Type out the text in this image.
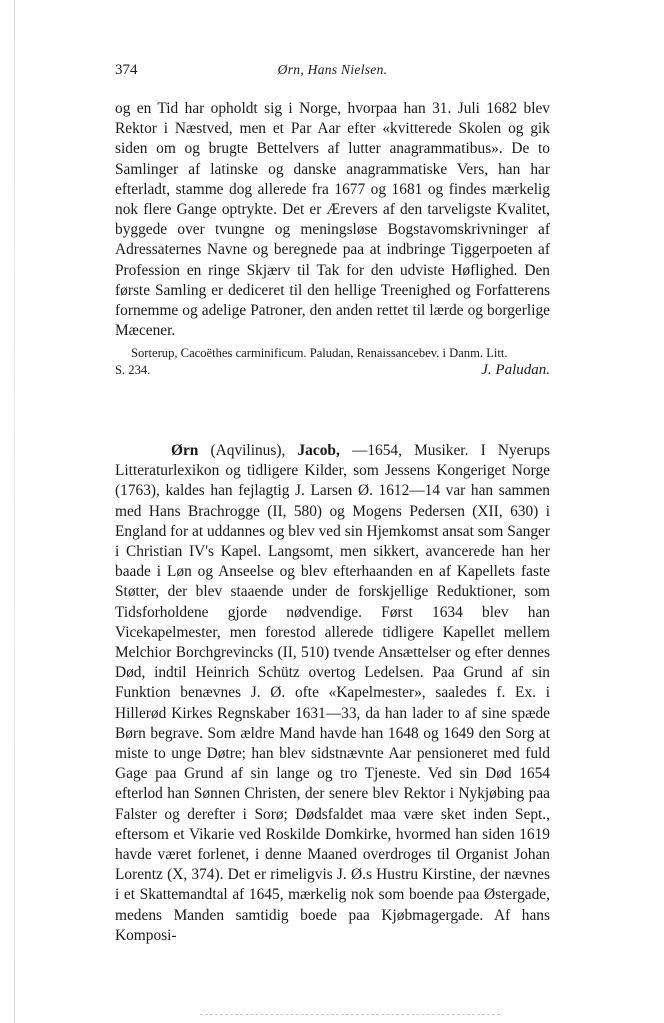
374	Ørn, Hans Nielsen.

og en Tid har opholdt sig i Norge, hvorpaa han 31. Juli 1682 blev Rektor i Næstved, men et Par Aar efter «kvitterede Skolen og gik siden om og brugte Bettelvers af lutter anagrammatibus». De to Samlinger af latinske og danske anagrammatiske Vers, han har efterladt, stamme dog allerede fra 1677 og 1681 og findes mærkelig nok flere Gange optrykte. Det er Ærevers af den tarveligste Kvalitet, byggede over tvungne og meningsløse Bogstavomskrivninger af Adressaternes Navne og beregnede paa at indbringe Tiggerpoeten af Profession en ringe Skjærv til Tak for den udviste Høflighed. Den første Samling er dediceret til den hellige Treenighed og Forfatterens fornemme og adelige Patroner, den anden rettet til lærde og borgerlige Mæcener.

Sorterup, Cacoëthes carminificum. Paludan, Renaissancebev. i Danm. Litt.

S. 234.	J. Paludan.

Ørn (Aqvilinus), Jacob, —1654, Musiker. I Nyerups Litteraturlexikon og tidligere Kilder, som Jessens Kongeriget Norge (1763), kaldes han fejlagtig J. Larsen Ø. 1612—14 var han sammen med Hans Brachrogge (II, 580) og Mogens Pedersen (XII, 630) i England for at uddannes og blev ved sin Hjemkomst ansat som Sanger i Christian IV's Kapel. Langsomt, men sikkert, avancerede han her baade i Løn og Anseelse og blev efterhaanden en af Kapellets faste Støtter, der blev staaende under de forskjellige Reduktioner, som Tidsforholdene gjorde nødvendige. Først 1634 blev han Vicekapelmester, men forestod allerede tidligere Kapellet mellem Melchior Borchgrevincks (II, 510) tvende Ansættelser og efter dennes Død, indtil Heinrich Schütz overtog Ledelsen. Paa Grund af sin Funktion benævnes J. Ø. ofte «Kapelmester», saaledes f. Ex. i Hillerød Kirkes Regnskaber 1631—33, da han lader to af sine spæde Børn begrave. Som ældre Mand havde han 1648 og 1649 den Sorg at miste to unge Døtre; han blev sidstnævnte Aar pensioneret med fuld Gage paa Grund af sin lange og tro Tjeneste. Ved sin Død 1654 efterlod han Sønnen Christen, der senere blev Rektor i Nykjøbing paa Falster og derefter i Sorø; Dødsfaldet maa være sket inden Sept., eftersom et Vikarie ved Roskilde Domkirke, hvormed han siden 1619 havde været forlenet, i denne Maaned overdroges til Organist Johan Lorentz (X, 374). Det er rimeligvis J. Ø.s Hustru Kirstine, der nævnes i et Skattemandtal af 1645, mærkelig nok som boende paa Østergade, medens Manden samtidig boede paa Kjøbmagergade. Af hans Komposi-
